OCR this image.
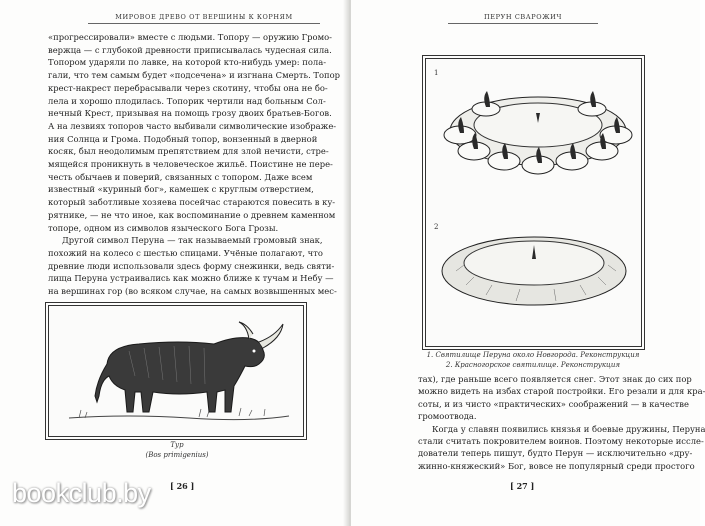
МИРОВОЕ ДРЕВО ОТ ВЕРШИНЫ К КОРНЯМ
«прогрессировали» вместе с людьми. Топору — оружию Громо-
вержца — с глубокой древности приписывалась чудесная сила.
Топором ударяли по лавке, на которой кто-нибудь умер: пола-
гали, что тем самым будет «подсечена» и изгнана Смерть. Топор
крест-накрест перебрасывали через скотину, чтобы она не бо-
лела и хорошо плодилась. Топорик чертили над больным Сол-
нечный Крест, призывая на помощь грозу двоих братьев-Богов.
А на лезвиях топоров часто выбивали символические изображе-
ния Солнца и Грома. Подобный топор, вонзенный в дверной
косяк, был неодолимым препятствием для злой нечисти, стре-
мящейся проникнуть в человеческое жильё. Поистине не пере-
честь обычаев и поверий, связанных с топором. Даже всем
известный «куриный бог», камешек с круглым отверстием,
который заботливые хозяева посейчас стараются повесить в ку-
рятнике, — не что иное, как воспоминание о древнем каменном
топоре, одном из символов языческого Бога Грозы.
Другой символ Перуна — так называемый громовый знак,
похожий на колесо с шестью спицами. Учёные полагают, что
древние люди использовали здесь форму снежинки, ведь святи-
лища Перуна устраивались как можно ближе к тучам и Небу —
на вершинах гор (во всяком случае, на самых возвышенных мес-
Тур
(Bos primigenius)
[ 26 ]
ПЕРУН СВАРОЖИЧ
1
2
1. Святилище Перуна около Новгорода. Реконструкция
2. Красногорское святилище. Реконструкция
тах), где раньше всего появляется снег. Этот знак до сих пор
можно видеть на избах старой постройки. Его резали и для кра-
соты, и из чисто «практических» соображений — в качестве
громоотвода.
Когда у славян появились князья и боевые дружины, Перуна
стали считать покровителем воинов. Поэтому некоторые иссле-
дователи теперь пишут, будто Перун — исключительно «дру-
жинно-княжеский» Бог, вовсе не популярный среди простого
[ 27 ]
bookclub.by
